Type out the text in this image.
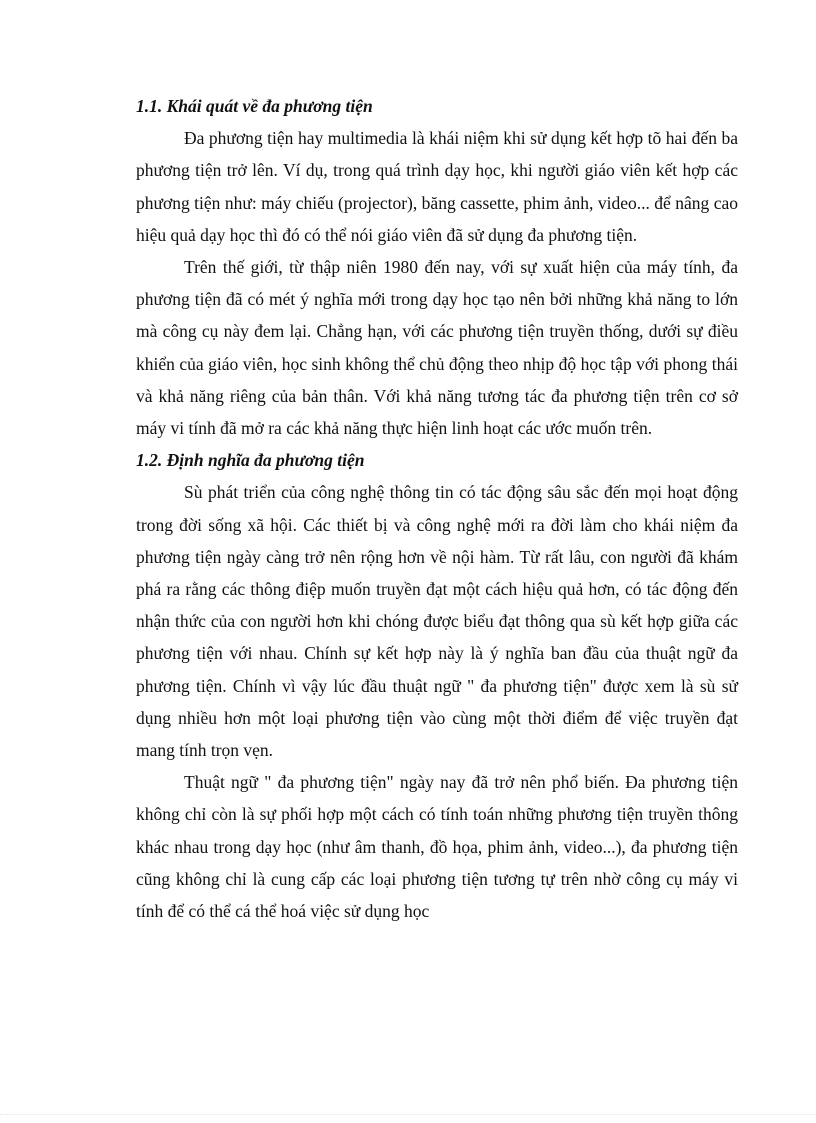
1.1. Khái quát về đa phương tiện

Đa phương tiện hay multimedia là khái niệm khi sử dụng kết hợp tõ hai đến ba phương tiện trở lên. Ví dụ, trong quá trình dạy học, khi người giáo viên kết hợp các phương tiện như: máy chiếu (projector), băng cassette, phim ảnh, video... để nâng cao hiệu quả dạy học thì đó có thể nói giáo viên đã sử dụng đa phương tiện.

Trên thế giới, từ thập niên 1980 đến nay, với sự xuất hiện của máy tính, đa phương tiện đã có mét ý nghĩa mới trong dạy học tạo nên bởi những khả năng to lớn mà công cụ này đem lại. Chẳng hạn, với các phương tiện truyền thống, dưới sự điều khiển của giáo viên, học sinh không thể chủ động theo nhịp độ học tập với phong thái và khả năng riêng của bản thân. Với khả năng tương tác đa phương tiện trên cơ sở máy vi tính đã mở ra các khả năng thực hiện linh hoạt các ước muốn trên.

1.2. Định nghĩa đa phương tiện

Sù phát triển của công nghệ thông tin có tác động sâu sắc đến mọi hoạt động trong đời sống xã hội. Các thiết bị và công nghệ mới ra đời làm cho khái niệm đa phương tiện ngày càng trở nên rộng hơn về nội hàm. Từ rất lâu, con người đã khám phá ra rằng các thông điệp muốn truyền đạt một cách hiệu quả hơn, có tác động đến nhận thức của con người hơn khi chóng được biểu đạt thông qua sù kết hợp giữa các phương tiện với nhau. Chính sự kết hợp này là ý nghĩa ban đầu của thuật ngữ đa phương tiện. Chính vì vậy lúc đầu thuật ngữ " đa phương tiện" được xem là sù sử dụng nhiều hơn một loại phương tiện vào cùng một thời điểm để việc truyền đạt mang tính trọn vẹn.

Thuật ngữ " đa phương tiện" ngày nay đã trở nên phổ biến. Đa phương tiện không chỉ còn là sự phối hợp một cách có tính toán những phương tiện truyền thông khác nhau trong dạy học (như âm thanh, đồ họa, phim ảnh, video...), đa phương tiện cũng không chỉ là cung cấp các loại phương tiện tương tự trên nhờ công cụ máy vi tính để có thể cá thể hoá việc sử dụng học
